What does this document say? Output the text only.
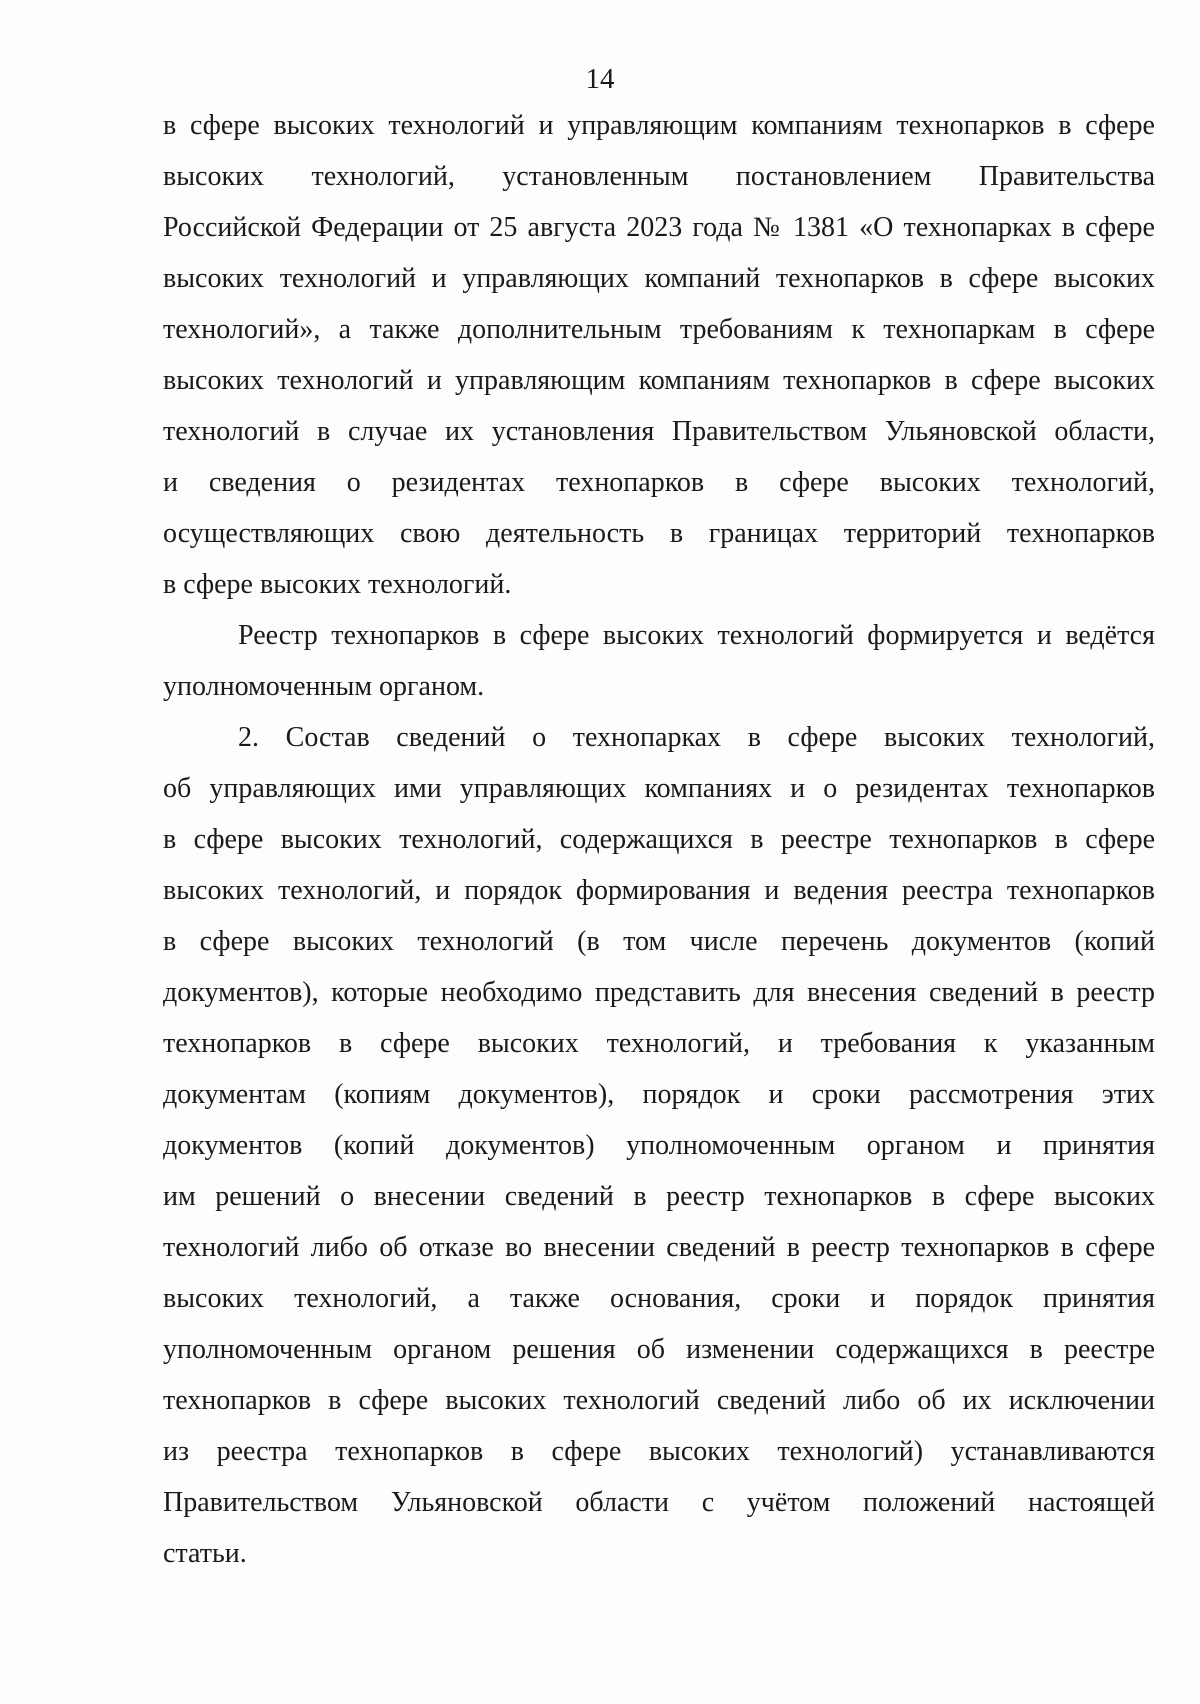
14
в сфере высоких технологий и управляющим компаниям технопарков в сфере
высоких технологий, установленным постановлением Правительства
Российской Федерации от 25 августа 2023 года № 1381 «О технопарках в сфере
высоких технологий и управляющих компаний технопарков в сфере высоких
технологий», а также дополнительным требованиям к технопаркам в сфере
высоких технологий и управляющим компаниям технопарков в сфере высоких
технологий в случае их установления Правительством Ульяновской области,
и сведения о резидентах технопарков в сфере высоких технологий,
осуществляющих свою деятельность в границах территорий технопарков
в сфере высоких технологий.
Реестр технопарков в сфере высоких технологий формируется и ведётся
уполномоченным органом.
2. Состав сведений о технопарках в сфере высоких технологий,
об управляющих ими управляющих компаниях и о резидентах технопарков
в сфере высоких технологий, содержащихся в реестре технопарков в сфере
высоких технологий, и порядок формирования и ведения реестра технопарков
в сфере высоких технологий (в том числе перечень документов (копий
документов), которые необходимо представить для внесения сведений в реестр
технопарков в сфере высоких технологий, и требования к указанным
документам (копиям документов), порядок и сроки рассмотрения этих
документов (копий документов) уполномоченным органом и принятия
им решений о внесении сведений в реестр технопарков в сфере высоких
технологий либо об отказе во внесении сведений в реестр технопарков в сфере
высоких технологий, а также основания, сроки и порядок принятия
уполномоченным органом решения об изменении содержащихся в реестре
технопарков в сфере высоких технологий сведений либо об их исключении
из реестра технопарков в сфере высоких технологий) устанавливаются
Правительством Ульяновской области с учётом положений настоящей
статьи.
